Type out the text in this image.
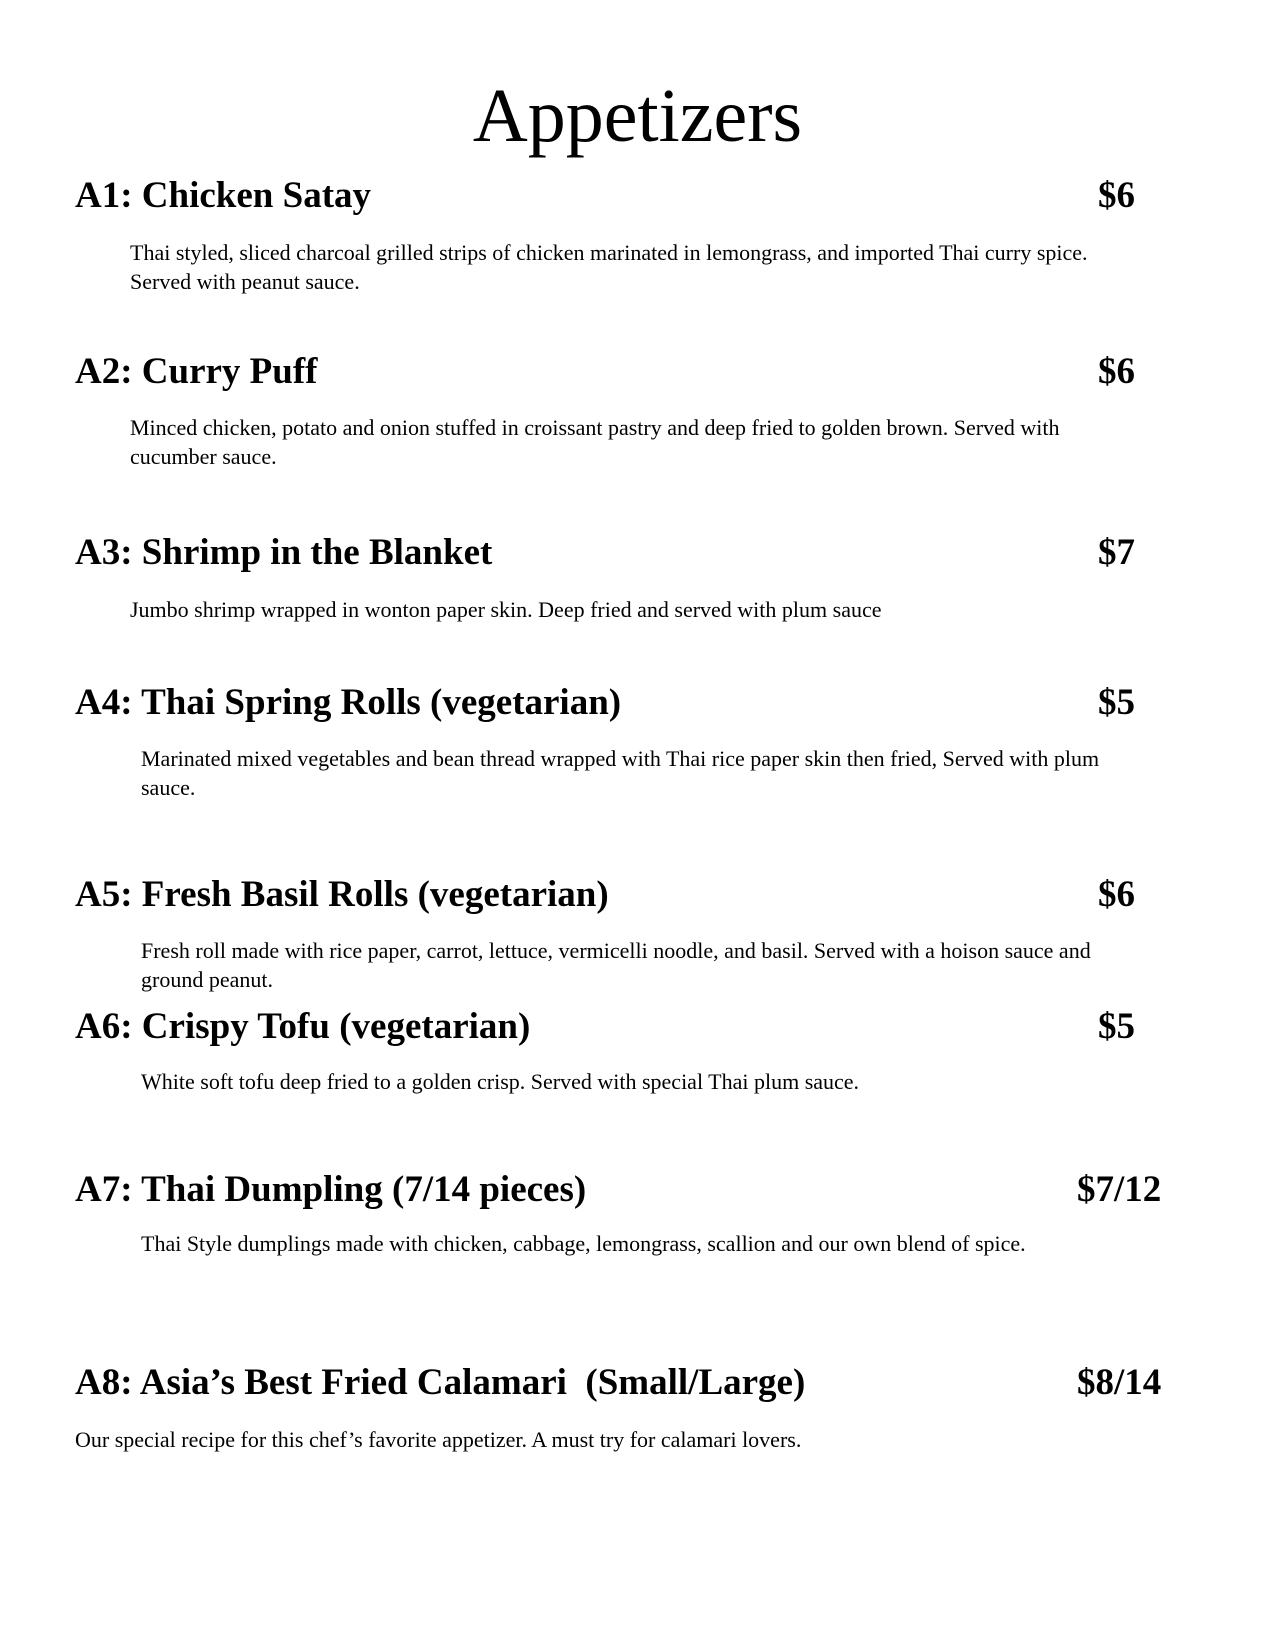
Appetizers
A1: Chicken Satay	$6

Thai styled, sliced charcoal grilled strips of chicken marinated in lemongrass, and imported Thai curry spice. Served with peanut sauce.

A2: Curry Puff	$6

Minced chicken, potato and onion stuffed in croissant pastry and deep fried to golden brown. Served with cucumber sauce.

A3: Shrimp in the Blanket	$7

Jumbo shrimp wrapped in wonton paper skin. Deep fried and served with plum sauce

A4: Thai Spring Rolls (vegetarian)	$5

Marinated mixed vegetables and bean thread wrapped with Thai rice paper skin then fried, Served with plum sauce.

A5: Fresh Basil Rolls (vegetarian)	$6

Fresh roll made with rice paper, carrot, lettuce, vermicelli noodle, and basil. Served with a hoison sauce and ground peanut.

A6: Crispy Tofu (vegetarian)	$5

White soft tofu deep fried to a golden crisp. Served with special Thai plum sauce.

A7: Thai Dumpling (7/14 pieces)	$7/12

Thai Style dumplings made with chicken, cabbage, lemongrass, scallion and our own blend of spice.

A8: Asia’s Best Fried Calamari  (Small/Large)	$8/14

Our special recipe for this chef’s favorite appetizer. A must try for calamari lovers.
